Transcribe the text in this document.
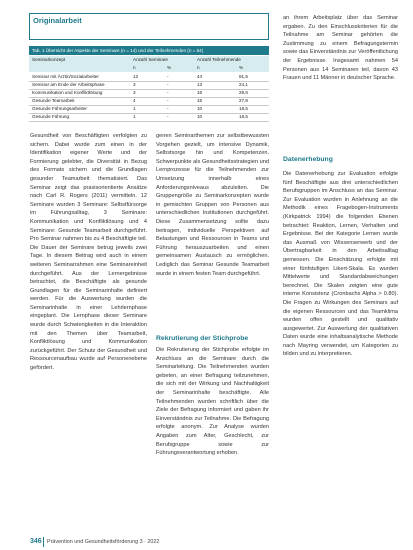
Originalarbeit
Tab. 1 Übersicht der Aspekte der Seminare (n = 14) und der Teilnehmenden (n = 54)
Seminarkonzept	Anzahl Seminare	Anzahl Teilnehmende
n	%	n	%
Seminar mit Ärztin/Sozialarbeiter	12	-	44	81,5
Seminar am Ende der Arbeitsphase	3	-	13	24,1
Kommunikation und Konfliktlösung	3	-	16	29,6
Gesunde Teamarbeit	4	-	15	27,8
Gesunde Führungsarbeiter	1	-	10	18,5
Gesunde Führung	1	-	10	18,5

Gesundheit von Beschäftigten verfolgten zu sichern. Dabei wurde zum einen in der Identifikation eigener Werte und der Formierung gelebter, die Diversität in Bezug des Formats sichern und die Grundlagen gesunder Teamarbeit thematisiert. Das Seminar zeigt das praxisorientierte Ansätze nach Carl R. Rogers (2011) vermitteln. 12 Seminare wurden 3 Seminare: Selbstfürsorge im Führungsalltag, 3 Seminare: Kommunikation und Konfliktlösung und 4 Seminare: Gesunde Teamarbeit durchgeführt. Pro Seminar nahmen bis zu 4 Beschäftigte teil. Die Dauer der Seminare betrug jeweils zwei Tage. In diesem Beitrag wird auch in einem weiteren Seminarrahmen eine Seminareinheit durchgeführt. Aus der Lernergebnisse betrachtet, die Beschäftigte als gesunde Grundlagen für die Seminarinhalte definiert werden. Für die Auswertung wurden die Seminarinhalte in einer Lehrlernphase eingeplant. Die Lernphase dieser Seminare wurde durch Schwierigkeiten in die Interaktion mit den Themen über Teamarbeit, Konfliktlösung und Kommunikation zurückgeführt. Der Schutz der Gesundheit und Ressourcenaufbau wurde auf Personenebene gefördert.

genen Seminarthemen zur selbstbewussten Vorgehen gezielt, um intensive Dynamik, Selbstsorge hin und Kompetenzen. Schwerpunkte als Gesundheitsstrategien und Lernprozesse für die Teilnehmenden zur Umsetzung innerhalb eines Anforderungsniveaus abzuleiten. Die Gruppengröße zu Seminarkonzepten wurde in gemischten Gruppen von Personen aus unterschiedlichen Institutionen durchgeführt. Diese Zusammensetzung sollte dazu beitragen, individuelle Perspektiven auf Belastungen und Ressourcen in Teams und Führung herauszuarbeiten und einen gemeinsamen Austausch zu ermöglichen. Lediglich das Seminar Gesunde Teamarbeit wurde in einem festen Team durchgeführt.

Rekrutierung der Stichprobe

Die Rekrutierung der Stichprobe erfolgte im Anschluss an die Seminare durch die Seminarleitung. Die Teilnehmenden wurden gebeten, an einer Befragung teilzunehmen, die sich mit der Wirkung und Nachhaltigkeit der Seminarinhalte beschäftigte. Alle Teilnehmenden wurden schriftlich über die Ziele der Befragung informiert und gaben ihr Einverständnis zur Teilnahme. Die Befragung erfolgte anonym. Zur Analyse wurden Angaben zum Alter, Geschlecht, zur Berufsgruppe sowie zur Führungsverantwortung erhoben.

an ihrem Arbeitsplatz über das Seminar ergaben. Zu den Einschlusskriterien für die Teilnahme am Seminar gehörten die Zustimmung zu einem Befragungstermin sowie das Einverständnis zur Veröffentlichung der Ergebnisse. Insgesamt nahmen 54 Personen aus 14 Seminaren teil, davon 43 Frauen und 11 Männer in deutscher Sprache.

Datenerhebung

Die Datenerhebung zur Evaluation erfolgte fünf Beschäftigte aus drei unterschiedlichen Berufsgruppen im Anschluss an das Seminar. Zur Evaluation wurden in Anlehnung an die Methodik eines Fragebogen-Instruments (Kirkpatrick 1994) die folgenden Ebenen betrachtet: Reaktion, Lernen, Verhalten und Ergebnisse. Bei der Kategorie Lernen wurde das Ausmaß von Wissenserwerb und der Übertragbarkeit in den Arbeitsalltag gemessen. Die Einschätzung erfolgte mit einer fünfstufigen Likert-Skala. Es wurden Mittelwerte und Standardabweichungen berechnet. Die Skalen zeigten eine gute interne Konsistenz (Cronbachs Alpha > 0.80). Die Fragen zu Wirkungen des Seminars auf die eigenen Ressourcen und das Teamklima wurden offen gestellt und qualitativ ausgewertet. Zur Auswertung der qualitativen Daten wurde eine inhaltsanalytische Methode nach Mayring verwendet, um Kategorien zu bilden und zu interpretieren.

346 Prävention und Gesundheitsförderung 3 · 2022
